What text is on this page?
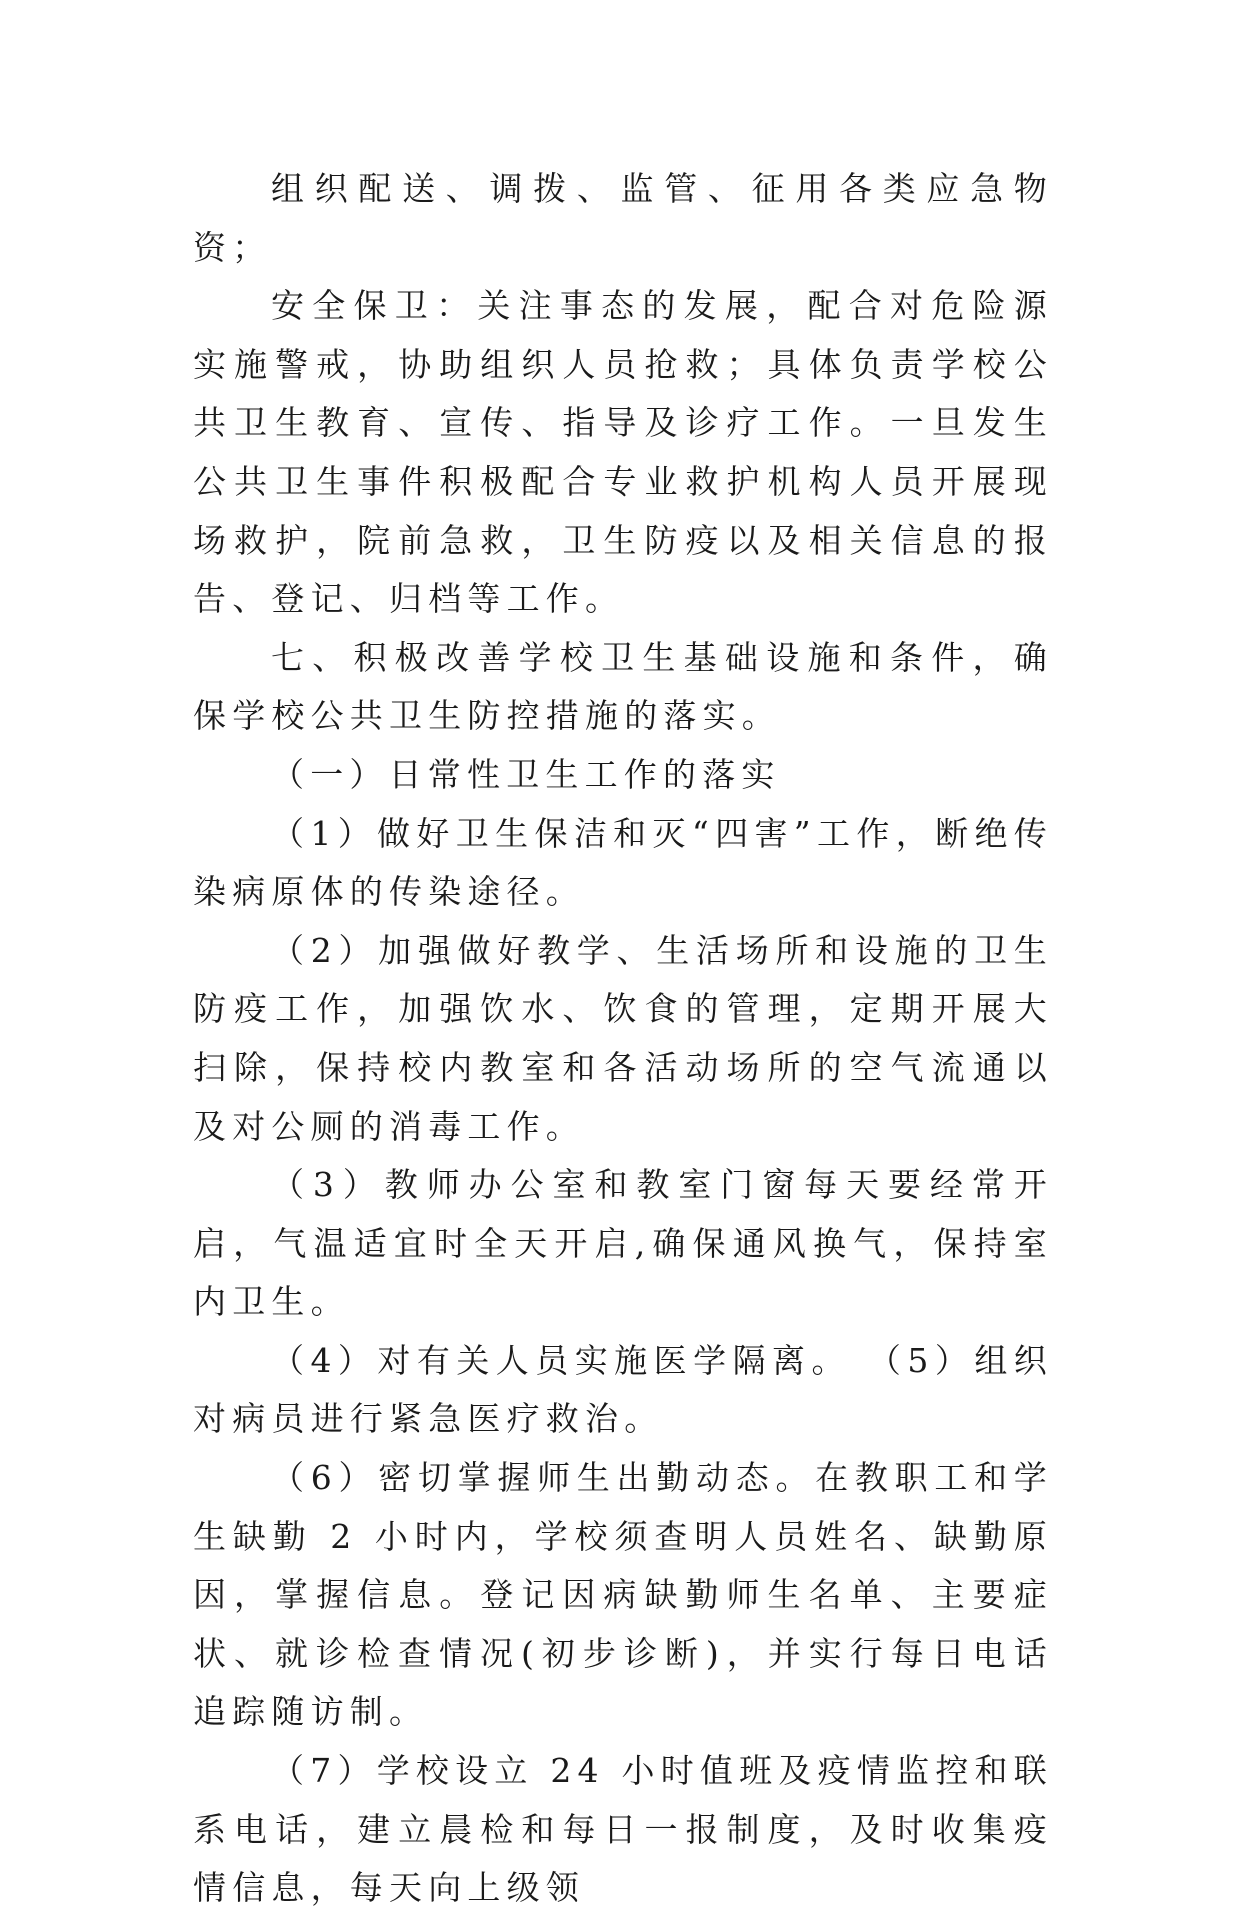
组织配送、调拨、监管、征用各类应急物资；

安全保卫：关注事态的发展，配合对危险源实施警戒，协助组织人员抢救；具体负责学校公共卫生教育、宣传、指导及诊疗工作。一旦发生公共卫生事件积极配合专业救护机构人员开展现场救护，院前急救，卫生防疫以及相关信息的报告、登记、归档等工作。

七、积极改善学校卫生基础设施和条件，确保学校公共卫生防控措施的落实。

（一）日常性卫生工作的落实

（1）做好卫生保洁和灭“四害”工作，断绝传染病原体的传染途径。

（2）加强做好教学、生活场所和设施的卫生防疫工作，加强饮水、饮食的管理，定期开展大扫除，保持校内教室和各活动场所的空气流通以及对公厕的消毒工作。

（3）教师办公室和教室门窗每天要经常开启，气温适宜时全天开启,确保通风换气，保持室内卫生。

（4）对有关人员实施医学隔离。 （5）组织对病员进行紧急医疗救治。

（6）密切掌握师生出勤动态。在教职工和学生缺勤 2 小时内，学校须查明人员姓名、缺勤原因，掌握信息。登记因病缺勤师生名单、主要症状、就诊检查情况(初步诊断)，并实行每日电话追踪随访制。

（7）学校设立 24 小时值班及疫情监控和联系电话，建立晨检和每日一报制度，及时收集疫情信息，每天向上级领
